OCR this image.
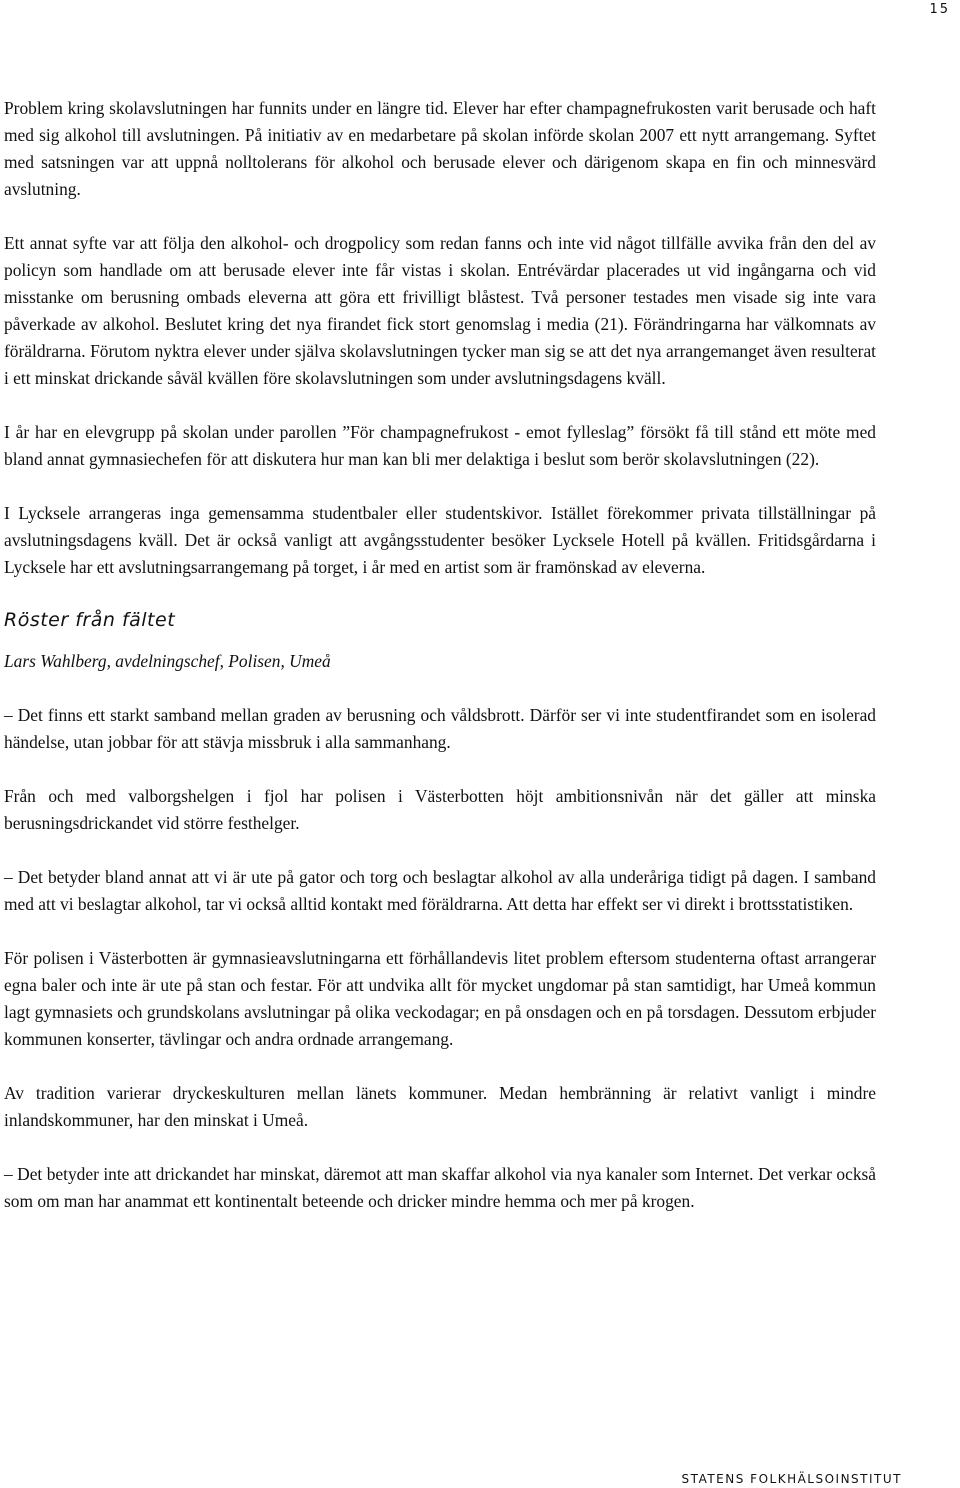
15

Problem kring skolavslutningen har funnits under en längre tid. Elever har efter champagnefrukosten varit berusade och haft med sig alkohol till avslutningen. På initiativ av en medarbetare på skolan införde skolan 2007 ett nytt arrangemang. Syftet med satsningen var att uppnå nolltolerans för alkohol och berusade elever och därigenom skapa en fin och minnesvärd avslutning.

Ett annat syfte var att följa den alkohol- och drogpolicy som redan fanns och inte vid något tillfälle avvika från den del av policyn som handlade om att berusade elever inte får vistas i skolan. Entrévärdar placerades ut vid ingångarna och vid misstanke om berusning ombads eleverna att göra ett frivilligt blåstest. Två personer testades men visade sig inte vara påverkade av alkohol. Beslutet kring det nya firandet fick stort genomslag i media (21). Förändringarna har välkomnats av föräldrarna. Förutom nyktra elever under själva skolavslutningen tycker man sig se att det nya arrangemanget även resulterat i ett minskat drickande såväl kvällen före skolavslutningen som under avslutningsdagens kväll.

I år har en elevgrupp på skolan under parollen ”För champagnefrukost - emot fylleslag” försökt få till stånd ett möte med bland annat gymnasiechefen för att diskutera hur man kan bli mer delaktiga i beslut som berör skolavslutningen (22).

I Lycksele arrangeras inga gemensamma studentbaler eller studentskivor. Istället förekommer privata tillställningar på avslutningsdagens kväll. Det är också vanligt att avgångsstudenter besöker Lycksele Hotell på kvällen. Fritidsgårdarna i Lycksele har ett avslutningsarrangemang på torget, i år med en artist som är framönskad av eleverna.

Röster från fältet

Lars Wahlberg, avdelningschef, Polisen, Umeå

– Det finns ett starkt samband mellan graden av berusning och våldsbrott. Därför ser vi inte studentfirandet som en isolerad händelse, utan jobbar för att stävja missbruk i alla sammanhang.

Från och med valborgshelgen i fjol har polisen i Västerbotten höjt ambitionsnivån när det gäller att minska berusningsdrickandet vid större festhelger.

– Det betyder bland annat att vi är ute på gator och torg och beslagtar alkohol av alla underåriga tidigt på dagen. I samband med att vi beslagtar alkohol, tar vi också alltid kontakt med föräldrarna. Att detta har effekt ser vi direkt i brottsstatistiken.

För polisen i Västerbotten är gymnasieavslutningarna ett förhållandevis litet problem eftersom studenterna oftast arrangerar egna baler och inte är ute på stan och festar. För att undvika allt för mycket ungdomar på stan samtidigt, har Umeå kommun lagt gymnasiets och grundskolans avslutningar på olika veckodagar; en på onsdagen och en på torsdagen. Dessutom erbjuder kommunen konserter, tävlingar och andra ordnade arrangemang.

Av tradition varierar dryckeskulturen mellan länets kommuner. Medan hembränning är relativt vanligt i mindre inlandskommuner, har den minskat i Umeå.

– Det betyder inte att drickandet har minskat, däremot att man skaffar alkohol via nya kanaler som Internet. Det verkar också som om man har anammat ett kontinentalt beteende och dricker mindre hemma och mer på krogen.

STATENS FOLKHÄLSOINSTITUT
